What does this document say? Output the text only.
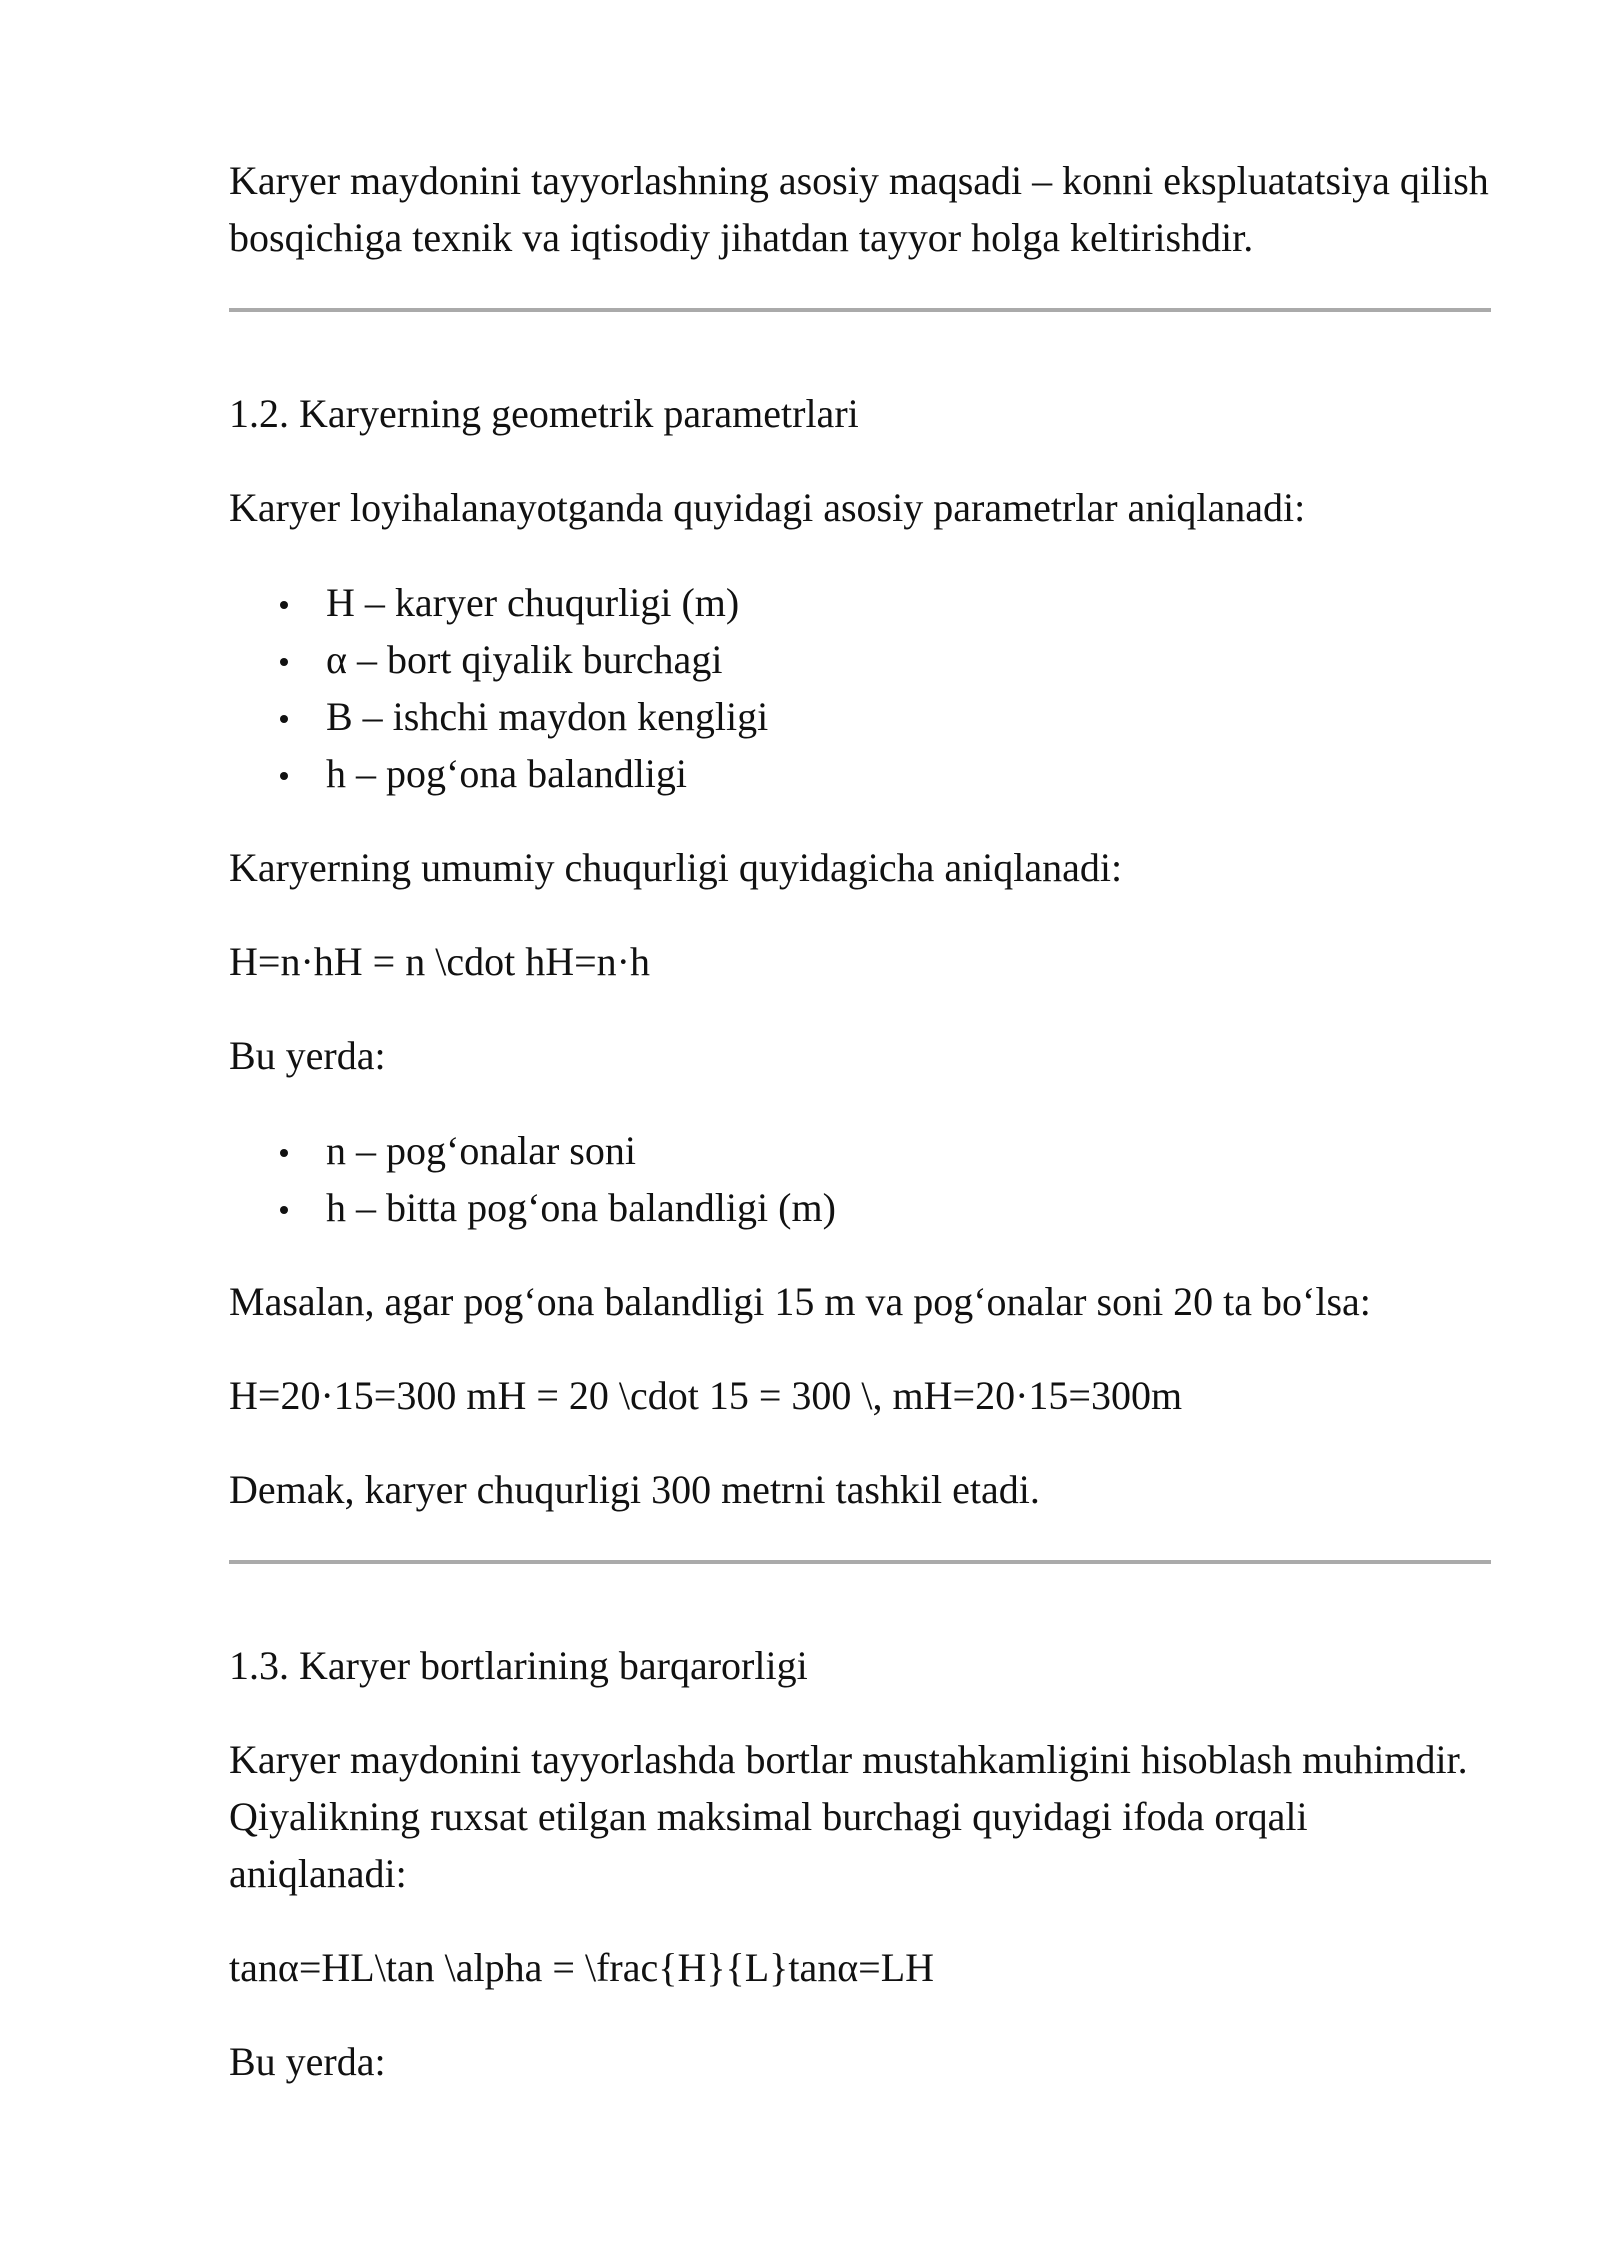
Karyer maydonini tayyorlashning asosiy maqsadi – konni ekspluatatsiya qilish bosqichiga texnik va iqtisodiy jihatdan tayyor holga keltirishdir.

1.2. Karyerning geometrik parametrlari

Karyer loyihalanayotganda quyidagi asosiy parametrlar aniqlanadi:

H – karyer chuqurligi (m)
α – bort qiyalik burchagi
B – ishchi maydon kengligi
h – pog‘ona balandligi

Karyerning umumiy chuqurligi quyidagicha aniqlanadi:

H=n·hH = n \cdot hH=n·h

Bu yerda:

n – pog‘onalar soni
h – bitta pog‘ona balandligi (m)

Masalan, agar pog‘ona balandligi 15 m va pog‘onalar soni 20 ta bo‘lsa:

H=20·15=300 mH = 20 \cdot 15 = 300 \, mH=20·15=300m

Demak, karyer chuqurligi 300 metrni tashkil etadi.

1.3. Karyer bortlarining barqarorligi

Karyer maydonini tayyorlashda bortlar mustahkamligini hisoblash muhimdir. Qiyalikning ruxsat etilgan maksimal burchagi quyidagi ifoda orqali aniqlanadi:

tanα=HL\tan \alpha = \frac{H}{L}tanα=LH

Bu yerda:
